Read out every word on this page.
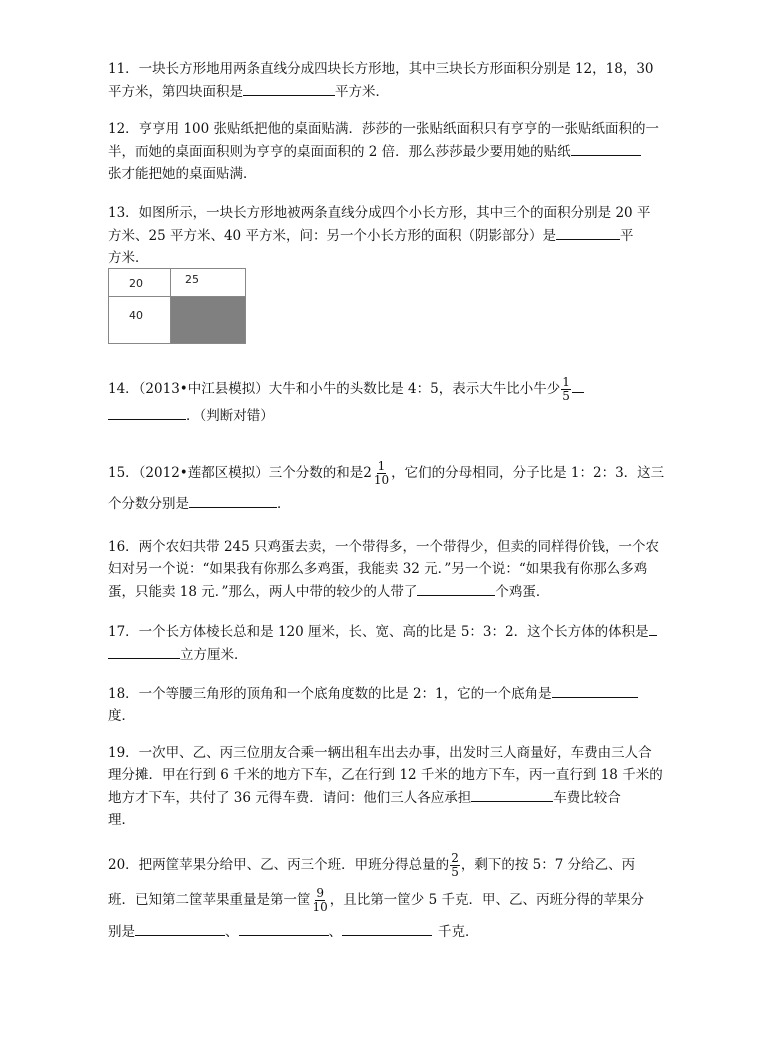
11．一块长方形地用两条直线分成四块长方形地，其中三块长方形面积分别是 12，18，30
平方米，第四块面积是	平方米．
12．亨亨用 100 张贴纸把他的桌面贴满．莎莎的一张贴纸面积只有亨亨的一张贴纸面积的一
半，而她的桌面面积则为亨亨的桌面面积的 2 倍．那么莎莎最少要用她的贴纸
张才能把她的桌面贴满．
13．如图所示，一块长方形地被两条直线分成四个小长方形，其中三个的面积分别是 20 平
方米、25 平方米、40 平方米，问：另一个小长方形的面积（阴影部分）是	平
方米．
20	25
40
14．（2013•中江县模拟）大牛和小牛的头数比是 4：5，表示大牛比小牛少 $\frac{1}{5}$
．（判断对错）
15．（2012•莲都区模拟）三个分数的和是$2 \frac{1}{10}$ ，它们的分母相同，分子比是 1：2：3．这三
个分数分别是	．
16．两个农妇共带 245 只鸡蛋去卖，一个带得多，一个带得少，但卖的同样得价钱，一个农
妇对另一个说：“如果我有你那么多鸡蛋，我能卖 32 元．”另一个说：“如果我有你那么多鸡
蛋，只能卖 18 元．”那么，两人中带的较少的人带了	个鸡蛋．
17．一个长方体棱长总和是 120 厘米，长、宽、高的比是 5：3：2．这个长方体的体积是
立方厘米．
18．一个等腰三角形的顶角和一个底角度数的比是 2：1，它的一个底角是
度．
19．一次甲、乙、丙三位朋友合乘一辆出租车出去办事，出发时三人商量好，车费由三人合
理分摊．甲在行到 6 千米的地方下车，乙在行到 12 千米的地方下车，丙一直行到 18 千米的
地方才下车，共付了 36 元得车费．请问：他们三人各应承担	车费比较合
理．
20．把两筐苹果分给甲、乙、丙三个班．甲班分得总量的 $\frac{2}{5}$ ，剩下的按 5：7 分给乙、丙
班．已知第二筐苹果重量是第一筐 $\frac{9}{10}$ ，且比第一筐少 5 千克．甲、乙、丙班分得的苹果分
别是	、	、	千克．
